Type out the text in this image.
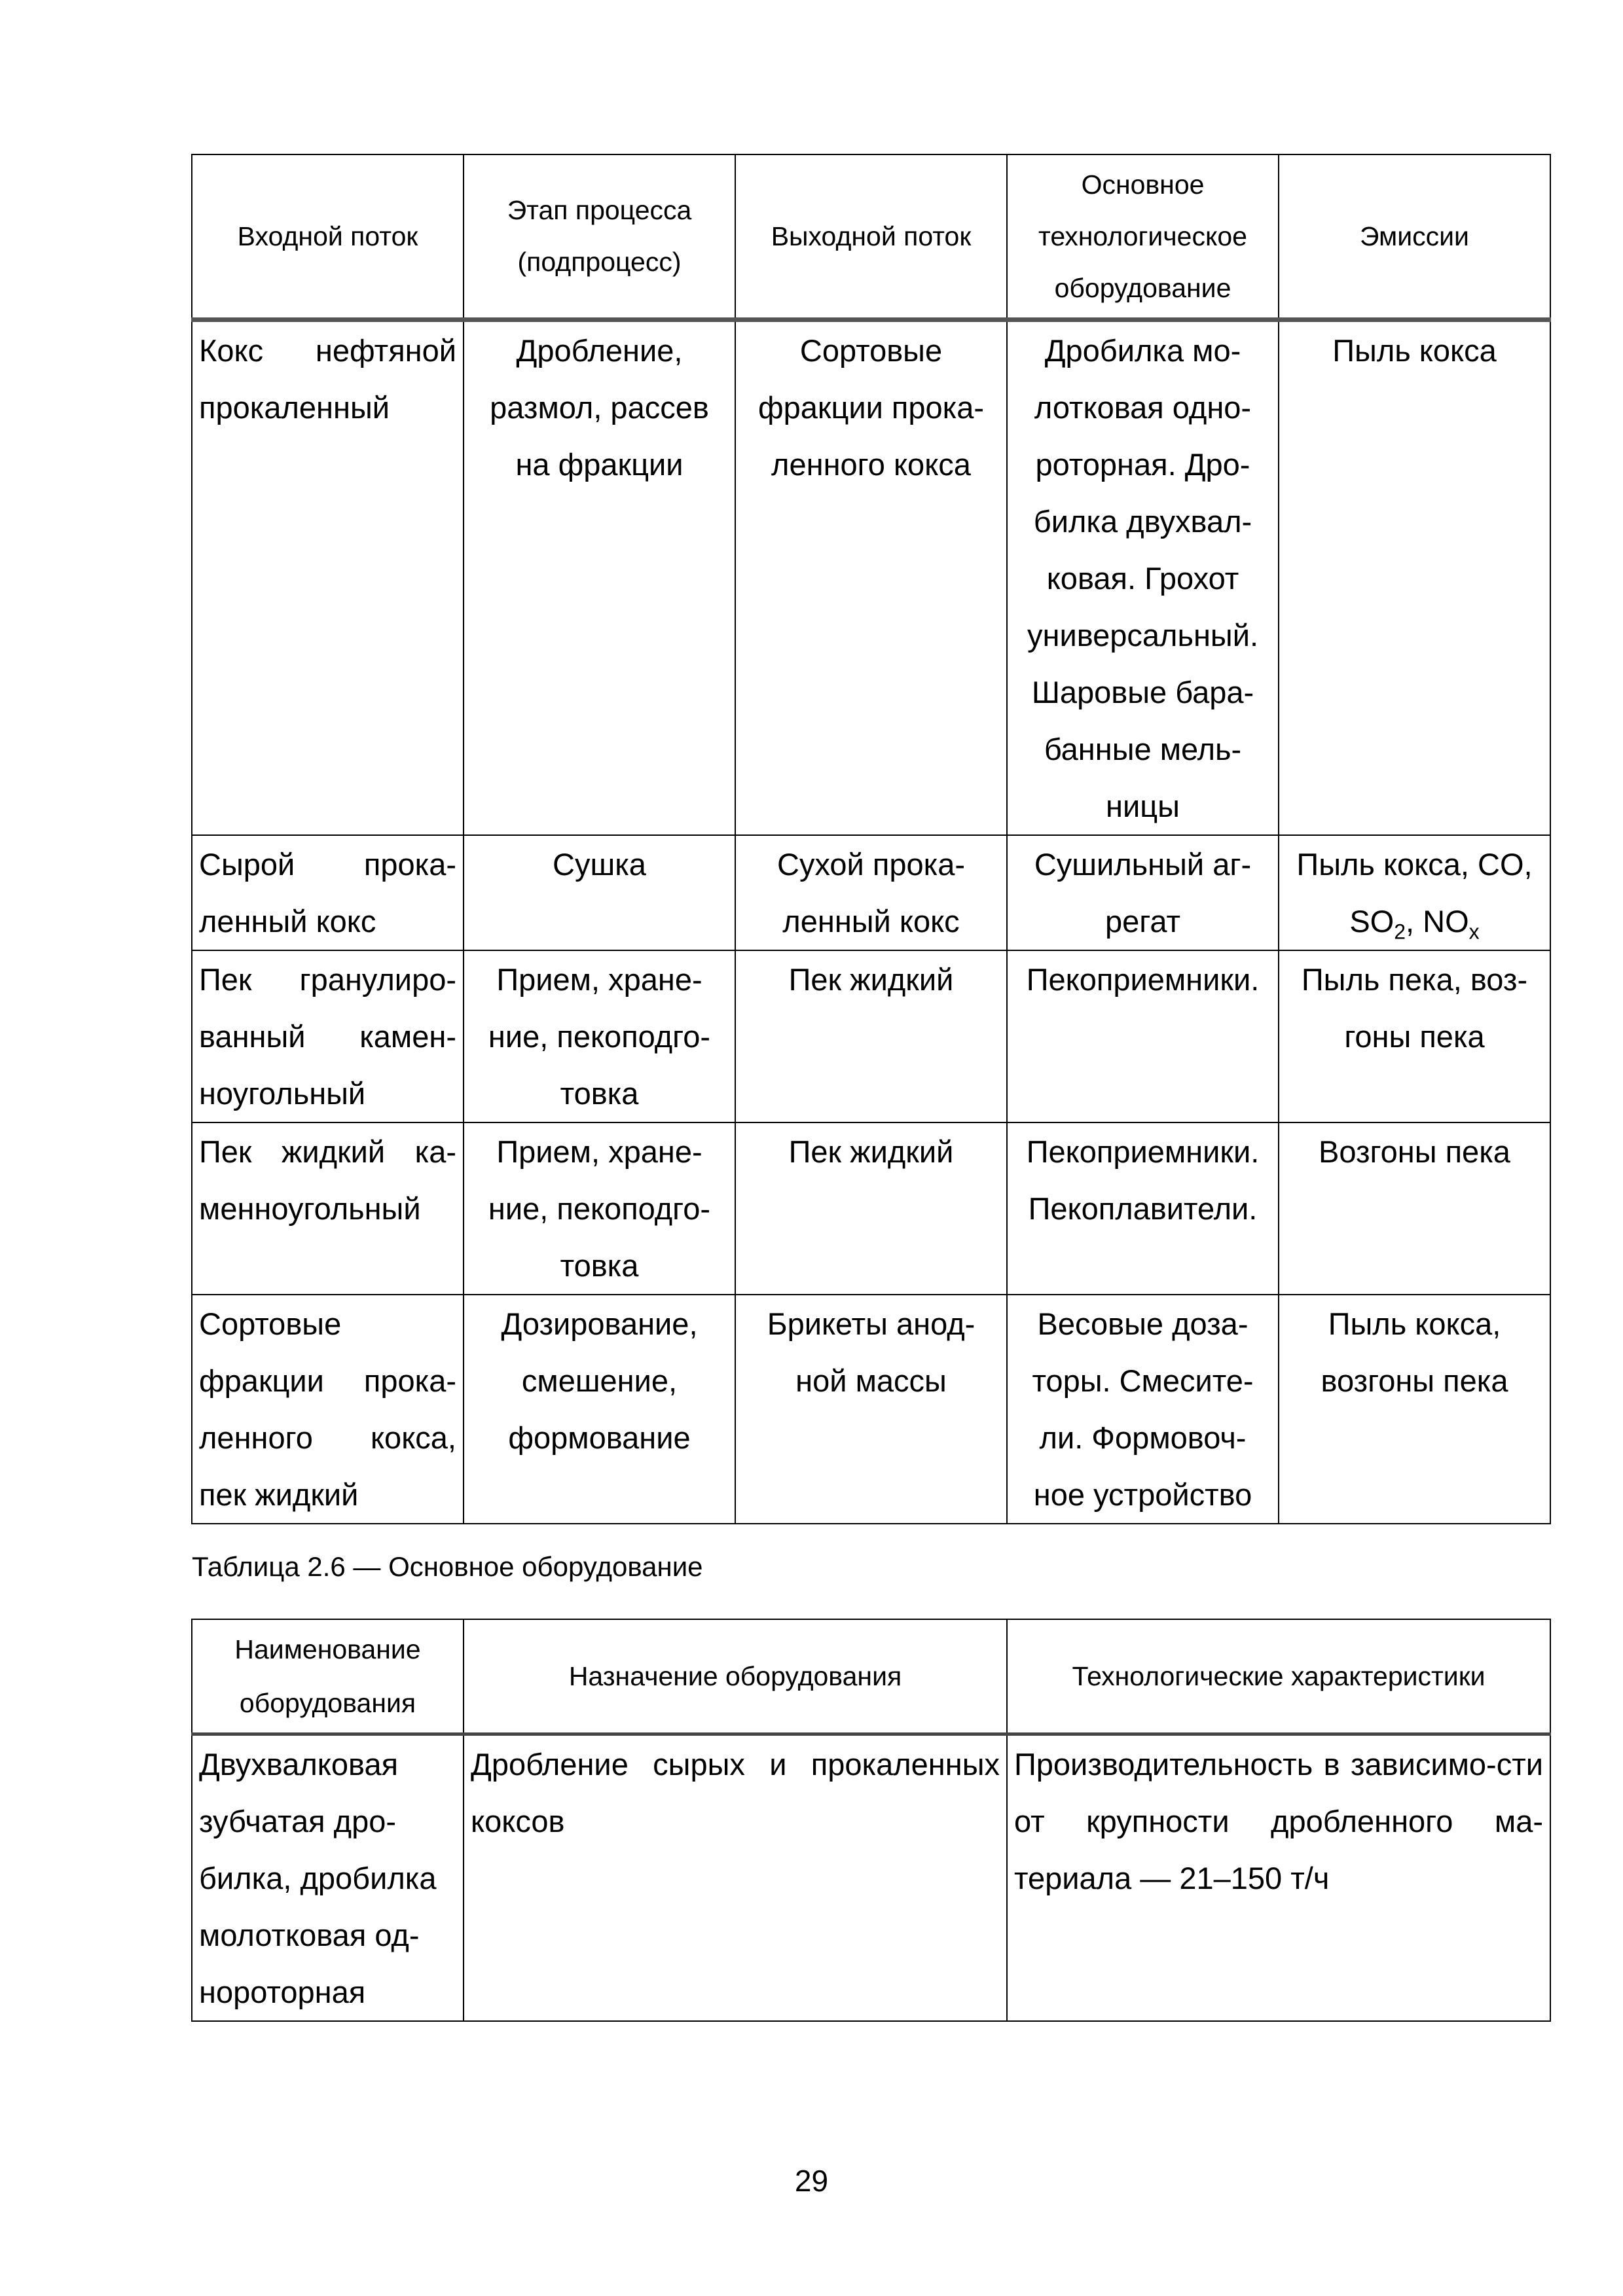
Входной поток	Этап процесса (подпроцесс)	Выходной поток	Основное технологическое оборудование	Эмиссии
Кокс нефтяной прокаленный	Дробление, размол, рассев на фракции	Сортовые фракции прока-ленного кокса	Дробилка мо-лотковая одно-роторная. Дро-билка двухвал-ковая. Грохот универсальный. Шаровые бара-банные мель-ницы	Пыль кокса
Сырой прока-ленный кокс	Сушка	Сухой прока-ленный кокс	Сушильный аг-регат	Пыль кокса, CO, $SO_2$, $NO_x$
Пек гранулиро-ванный камен-ноугольный	Прием, хране-ние, пекоподго-товка	Пек жидкий	Пекоприемники.	Пыль пека, воз-гоны пека
Пек жидкий ка-менноугольный	Прием, хране-ние, пекоподго-товка	Пек жидкий	Пекоприемники. Пекоплавители.	Возгоны пека
Сортовые фракции прока-ленного кокса, пек жидкий	Дозирование, смешение, формование	Брикеты анод-ной массы	Весовые доза-торы. Смесите-ли. Формовоч-ное устройство	Пыль кокса, возгоны пека
Таблица 2.6 — Основное оборудование
Наименование оборудования	Назначение оборудования	Технологические характеристики
Двухвалковая зубчатая дро-билка, дробилка молотковая од-нороторная	Дробление сырых и прокаленных коксов	Производительность в зависимо-сти от крупности дробленного ма-териала — 21–150 т/ч
29
